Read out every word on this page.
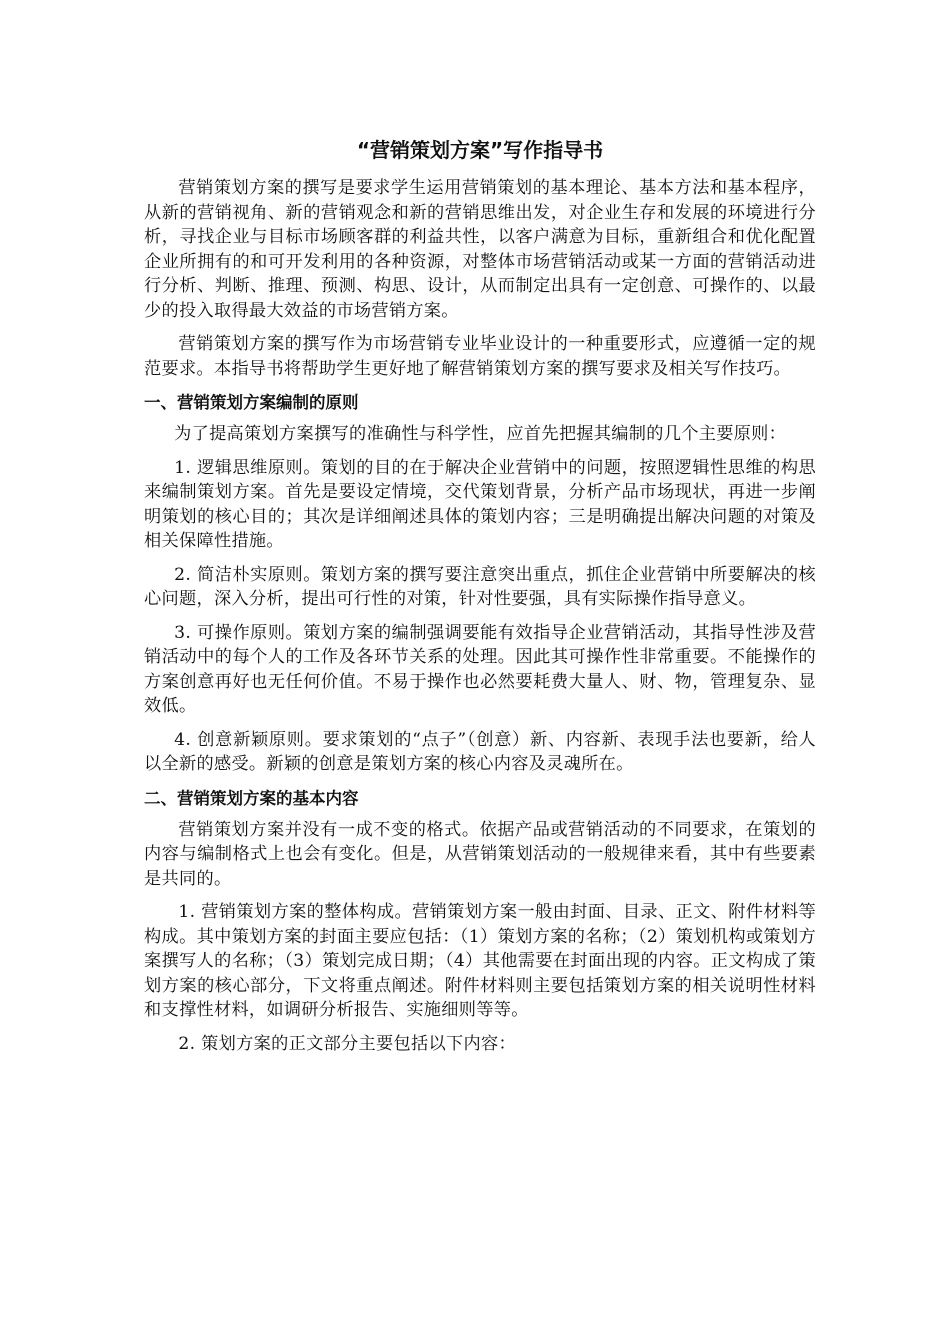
“营销策划方案”写作指导书

营销策划方案的撰写是要求学生运用营销策划的基本理论、基本方法和基本程序，从新的营销视角、新的营销观念和新的营销思维出发，对企业生存和发展的环境进行分析，寻找企业与目标市场顾客群的利益共性，以客户满意为目标，重新组合和优化配置企业所拥有的和可开发利用的各种资源，对整体市场营销活动或某一方面的营销活动进行分析、判断、推理、预测、构思、设计，从而制定出具有一定创意、可操作的、以最少的投入取得最大效益的市场营销方案。

营销策划方案的撰写作为市场营销专业毕业设计的一种重要形式，应遵循一定的规范要求。本指导书将帮助学生更好地了解营销策划方案的撰写要求及相关写作技巧。

一、营销策划方案编制的原则

为了提高策划方案撰写的准确性与科学性，应首先把握其编制的几个主要原则：

1. 逻辑思维原则。策划的目的在于解决企业营销中的问题，按照逻辑性思维的构思来编制策划方案。首先是要设定情境，交代策划背景，分析产品市场现状，再进一步阐明策划的核心目的；其次是详细阐述具体的策划内容；三是明确提出解决问题的对策及相关保障性措施。

2. 简洁朴实原则。策划方案的撰写要注意突出重点，抓住企业营销中所要解决的核心问题，深入分析，提出可行性的对策，针对性要强，具有实际操作指导意义。

3. 可操作原则。策划方案的编制强调要能有效指导企业营销活动，其指导性涉及营销活动中的每个人的工作及各环节关系的处理。因此其可操作性非常重要。不能操作的方案创意再好也无任何价值。不易于操作也必然要耗费大量人、财、物，管理复杂、显效低。

4. 创意新颖原则。要求策划的“点子”（创意）新、内容新、表现手法也要新，给人以全新的感受。新颖的创意是策划方案的核心内容及灵魂所在。

二、营销策划方案的基本内容

营销策划方案并没有一成不变的格式。依据产品或营销活动的不同要求，在策划的内容与编制格式上也会有变化。但是，从营销策划活动的一般规律来看，其中有些要素是共同的。

1. 营销策划方案的整体构成。营销策划方案一般由封面、目录、正文、附件材料等构成。其中策划方案的封面主要应包括：（1）策划方案的名称；（2）策划机构或策划方案撰写人的名称；（3）策划完成日期；（4）其他需要在封面出现的内容。正文构成了策划方案的核心部分，下文将重点阐述。附件材料则主要包括策划方案的相关说明性材料和支撑性材料，如调研分析报告、实施细则等等。

2. 策划方案的正文部分主要包括以下内容：
